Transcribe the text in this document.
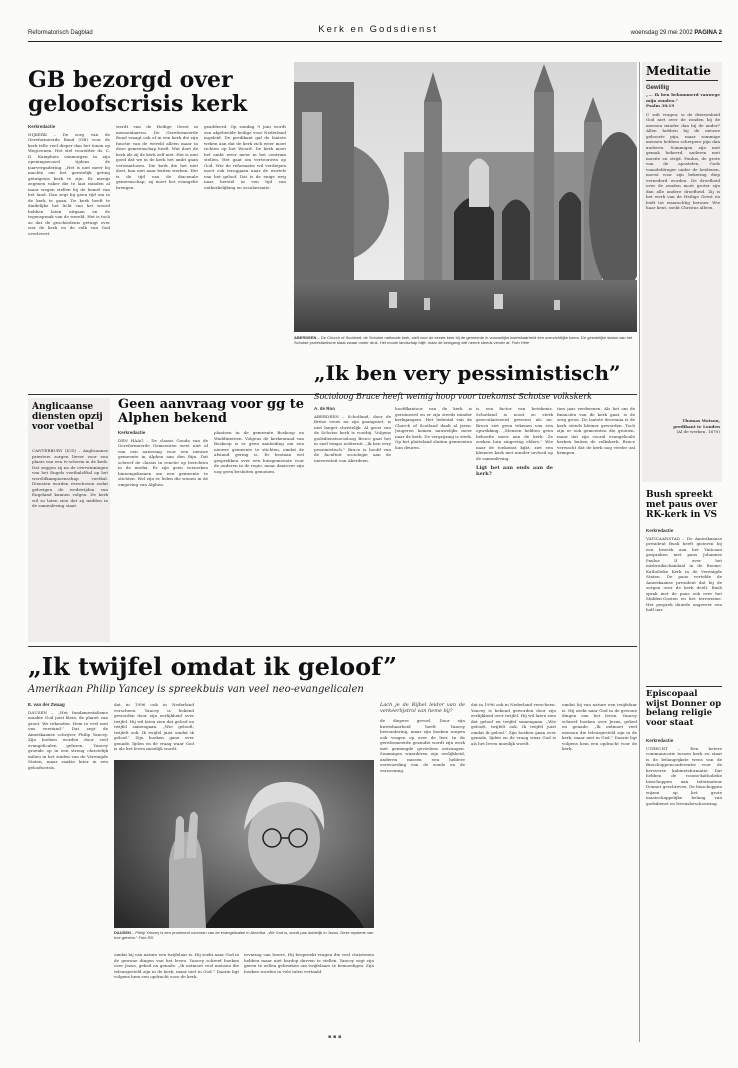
Reformatorisch Dagblad	Kerk en Godsdienst	woensdag 29 mei 2002 PAGINA 2
GB bezorgd over
geloofscrisis kerk
Kerkredactie
NIJKERK – De zorg van de Gereformeerde Bond (GB) voor de kerk telle veel dieper dan het tonen op Wegcrenen. Het stel voorzitter ds. C. D. Kamphuis vanmorgen in zijn openingswoord tijdens de jaarvergadering. „Het is niet meer bij machte om het geestelijk getuig getuigenis kerk te zijn. Er mengt zegenen vaker die te laat minden al maar wegen stellen bij de hemel van het land. Dan zegt hij geen tijd om in de kerk te gaan. De kerk heeft te duidelijke het licht van het woord hebben laten uitgaan en de tegenspraak van de wereld. Het is toch zo dat de geschiedenis getuigt over wat de kerk en de volk van God overlevert.
werdt van de Heilige Geest in mensenharten. De Gereformeerde Bond vraagt ook of in een kerk die zijn functie van de wereld alleen maar in deze gemeenschap heeft. Wat doet de kerk als zij de kerk zelf niet. Het is niet goed dat we in de kerk het ambt gaan verwaarlozen. Die kerk die het niet doet, kan niet naar buiten werken. Het is de tijd van de diaconale gemeenschap; zij moet het evangelie brengen.
geaddeerd. Op zondag 9 juni wordt een afgebeelde heilige voor Nederland ingeleid. De predikant gaf de laatste weken aan dat de kerk zich weer moet richten op het Woord. De kerk moet het ambt weer meer in het centrum stellen. Het gaat om vertrouwen op God. Wie de reformatie wil verdiepen moet ook teruggaan naar de wortels van het geloof. Dat is de enige weg naar herstel in een tijd van ontkerkelijking en secularisatie.
ABERDEEN – De Church of Scotland, de Schotse nationale kerk, stelt voor de eerste keer bij de gemeente in vrouwelijke kwetsbaarheid een overzichtlijke koers. De geestelijke status van het Schotse protestantisme staat zwaar onder druk. Het mooie landschap blijft, maar de kerkgang zelf neemt steeds verder af. Foto Hele
Meditatie
Gewillig
„... Ik ben bekommerd vanwege mijn zonden.”
Psalm 38:19
U zult vragen: is de drieeenheid God niet over de zonden bij de mensen minder dan bij de ander? Allen hebben bij de nieuwe geboorte pijn, maar sommige mensen hebben scherpere pijn dan anderen. Sommigen zijn met gemak bekeerd, anderen met moeite en strijd. Paulus, de grote van de apostelen, Gods vaandeldrager onder de heidenen, moest voor zijn bekering diep vernederd worden. De droefheid over de zonden moet groter zijn dan alle andere droefheid. Zij is het werk van de Heilige Geest en leidt tot waarachtig berouw. Wie haar kent, zoekt Christus alleen.
Thomas Watson,
predikant te Londen
(Al de werken, 1670)
Bush spreekt met paus over RK-kerk in VS
Kerkredactie
VATICAANSTAD – De Amerikaanse president Bush heeft gisteren bij een bezoek aan het Vaticaan gesproken met paus Johannes Paulus II over het misbruikschandaal in de Rooms-Katholieke Kerk in de Verenigde Staten. De paus vertelde de Amerikaanse president dat hij de zorgen over de kerk deelt. Bush sprak met de paus ook over het Midden-Oosten en het terrorisme. Het gesprek duurde ongeveer een half uur.
Episcopaal wijst Donner op belang religie voor staat
Kerkredactie
UTRECHT – Een betere communicatie tussen kerk en staat is de belangrijkste wens van de Bisschoppenconferentie voor de kersverse kabinetsformatie. Dat hebben de rooms-katholieke bisschoppen aan informateur Donner geschreven. De bisschoppen wijzen op het grote maatschappelijke belang van godsdienst en levensbeschouwing.
Anglicaanse diensten opzij voor voetbal
CANTERBURY (ICD) – Anglicaanse priesters zorgen liever voor een plaats van een tv-scherm in de kerk. Dat zeggen zij na de overwinningen van het Engels voetbalelftal op het wereldkampioenschap voetbal. Diensten worden verschoven zodat gelovigen de wedstrijden van Engeland kunnen volgen. De kerk wil zo laten zien dat zij midden in de samenleving staat.
Geen aanvraag voor gg te Alphen bekend
Kerkredactie
DEN HAAG – De classis Gouda van de Gereformeerde Gemeenten weet niet of van een aanvraag voor een nieuwe gemeente in Alphen aan den Rijn. Dat schreef de classis in reactie op berichten in de media. Er zijn geen verzoeken binnengekomen om een gemeente te stichten. Wel zijn er leden die wonen in de omgeving van Alphen.
plaatsen in de gemeente Boskoop en Waddinxveen. Volgens de kerkenraad van Boskoop is er geen aanleiding om een nieuwe gemeente te stichten, omdat de afstand gering is. Er bestaan wel gesprekken over een huisgemeente voor de ouderen in de regio, maar daarover zijn nog geen besluiten genomen.
„Ik ben very pessimistisch”
Socioloog Bruce heeft weinig hoop voor toekomst Schotse volkskerk
A. de Roo
ABERDEEN – Schotland, door de Britse eeuw nu zijn gaangezet, is niet langer christelijk. Al groei van de Schotse kerk is voorbij. Volgens godsdienstsocioloog Bruce gaat het in snel tempo achteruit. „Ik ben very pessimistisch.” Bruce is hoofd van de faculteit sociologie aan de universiteit van Aberdeen.
hoofdkantoor van de kerk is geruïneerd en er zijn steeds minder kerkgangers. Het ledental van de Church of Scotland daalt al jaren. Jongeren komen nauwelijks meer naar de kerk. De vergrijzing is sterk. Op het platteland sluiten gemeenten hun deuren.
is een factor van betekenis. Schotland is nooit zo sterk geseculariseerd geweest als nu. Bruce ziet geen tekenen van een opwekking. „Mensen hebben geen behoefte meer aan de kerk. Ze zoeken hun zingeving elders.” Wie naar de toekomst kijkt, ziet een kleinere kerk met minder invloed op de samenleving.
Ligt het aan ouds aan de kerk?
tien jaar verdwenen. Als het om de financiën van de kerk gaat, is de zorg groot. De laatste decennia is de kerk steeds kleiner geworden. Toch zijn er ook gemeenten die groeien, maar dat zijn vooral evangelicale kerken buiten de volkskerk. Bruce verwacht dat de kerk nog verder zal krimpen.
„Ik twijfel omdat ik geloof”
Amerikaan Philip Yancey is spreekbuis van veel neo-evangelicalen
E. van der Zwaag
DAUSEN – „Het fundamentalisme maakte God juist klein, de planet van groot. We rekenden. Hem te veel met ons verstand.” Dat zegt de Amerikaanse schrijver Philip Yancey. Zijn boeken worden door veel evangelicalen gelezen. Yancey groeide op in een streng christelijk milieu in het zuiden van de Verenigde Staten, maar raakte later in een geloofscrisis.
dat in 1996 ook in Nederland verscheen. Yancey is bekend geworden door zijn eerlijkheid over twijfel. Hij wil laten zien dat geloof en twijfel samengaan. „Wie gelooft, twijfelt ook. Ik twijfel juist omdat ik geloof.” Zijn boeken gaan over genade, lijden en de vraag waar God is als het leven moeilijk wordt.
DAUSEN – Philip Yancey is een prominent voorman van de evangelicalen in Amerika. „We God is, wordt pas duidelijk in Jezus. Deze mysterie van hoe geheim.” Foto RD
omdat hij van nature een twijfelaar is. Hij zoekt naar God in de gewone dingen van het leven. Yancey schreef boeken over Jezus, gebed en genade. „Ik ontmoet veel mensen die teleurgesteld zijn in de kerk, maar niet in God.” Daarin ligt volgens hem een opdracht voor de kerk.
ervaring van lezers. Hij bespreekt vragen die veel christenen hebben maar niet hardop durven te stellen. Yancey zegt zijn gaven te willen gebruiken om twijfelaars te bemoedigen. Zijn boeken worden in vele talen vertaald.
Lach je de Bijbel leidor van de verkeerlijstrol van heme bij?
de diepere gevoel. Door zijn kwetsbaarheid heeft Yancey bewondering, maar zijn boeken roepen ook vragen op over de leer. In de gereformeerde gezindte wordt zijn werk met gemengde gevoelens ontvangen. Sommigen waarderen zijn eerlijkheid, anderen missen een heldere verwoording van de zonde en de verzoening.
dat in 1996 ook in Nederland verscheen. Yancey is bekend geworden door zijn eerlijkheid over twijfel. Hij wil laten zien dat geloof en twijfel samengaan. „Wie gelooft, twijfelt ook. Ik twijfel juist omdat ik geloof.” Zijn boeken gaan over genade, lijden en de vraag waar God is als het leven moeilijk wordt.
omdat hij van nature een twijfelaar is. Hij zoekt naar God in de gewone dingen van het leven. Yancey schreef boeken over Jezus, gebed en genade. „Ik ontmoet veel mensen die teleurgesteld zijn in de kerk, maar niet in God.” Daarin ligt volgens hem een opdracht voor de kerk.
▪ ▪ ▪
